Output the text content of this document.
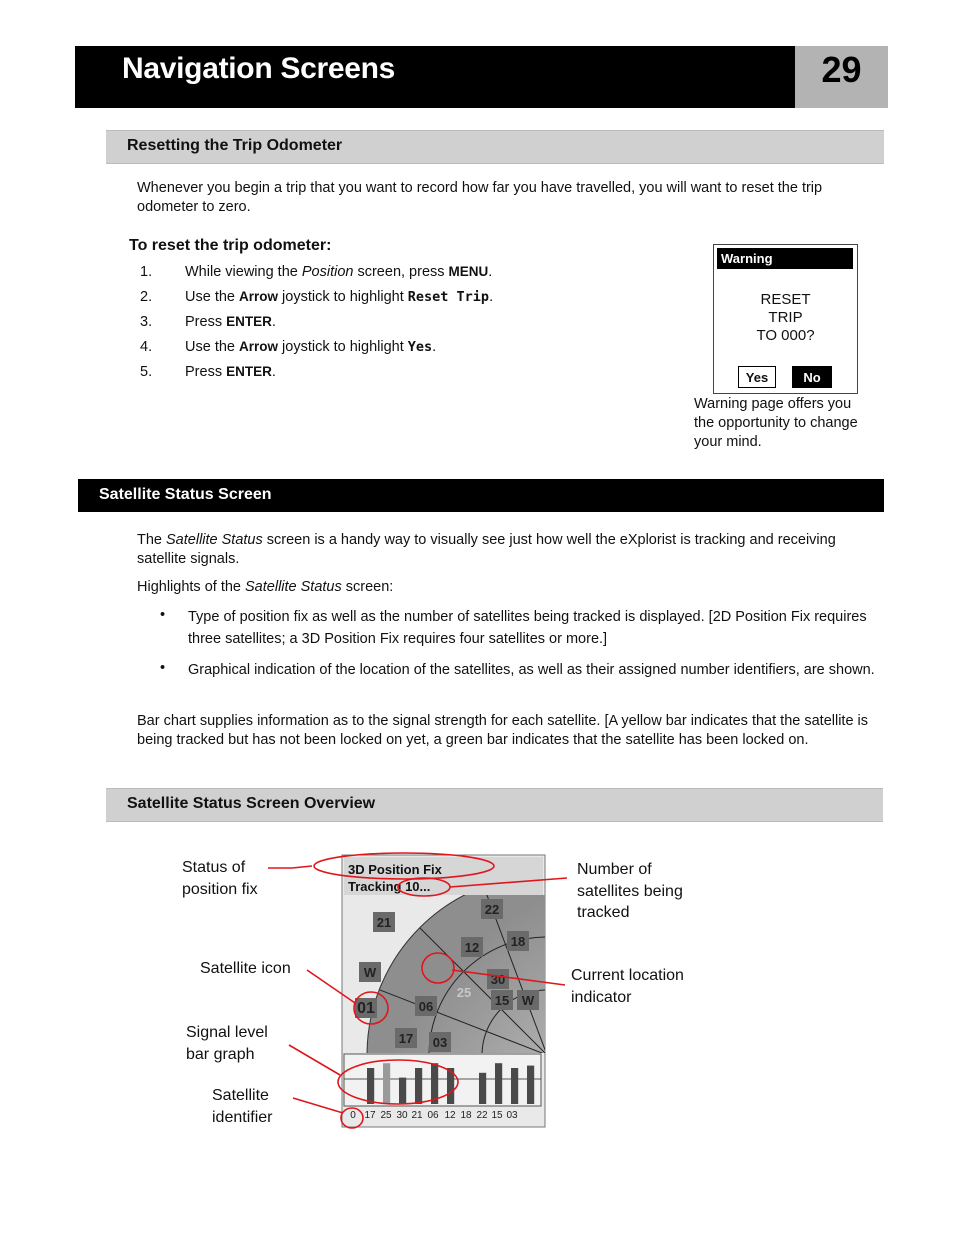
Navigation Screens	29
Resetting the Trip Odometer
Whenever you begin a trip that you want to record how far you have travelled, you will want to reset the trip odometer to zero.
To reset the trip odometer:
1. While viewing the Position screen, press MENU.
2. Use the Arrow joystick to highlight Reset Trip.
3. Press ENTER.
4. Use the Arrow joystick to highlight Yes.
5. Press ENTER.
Warning
RESET
TRIP
TO 000?
Yes	No
Warning page offers you
the opportunity to change
your mind.
Satellite Status Screen
The Satellite Status screen is a handy way to visually see just how well the eXplorist is tracking and receiving satellite signals.
Highlights of the Satellite Status screen:
• Type of position fix as well as the number of satellites being tracked is displayed. [2D Position Fix requires three satellites; a 3D Position Fix requires four satellites or more.]
• Graphical indication of the location of the satellites, as well as their assigned number identifiers, are shown.
Bar chart supplies information as to the signal strength for each satellite. [A yellow bar indicates that the satellite is being tracked but has not been locked on yet, a green bar indicates that the satellite has been locked on.
Satellite Status Screen Overview
Status of
position fix
Number of
satellites being
tracked
Satellite icon	Current location
indicator
Signal level
bar graph
Satellite
identifier
3D Position Fix
Tracking 10...
21
22
18
12
W	30
25
15 W
01	06
17 03
0 17 25 30 21 06 12 18 22 15 03
